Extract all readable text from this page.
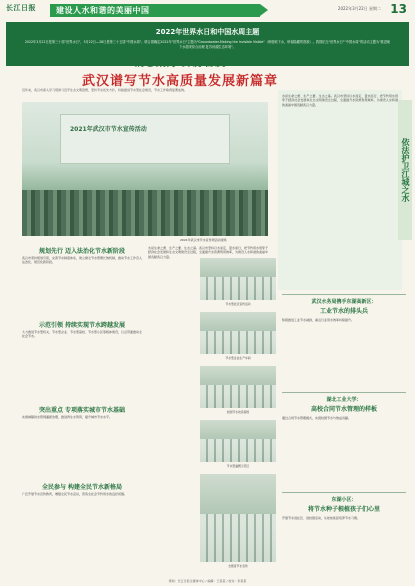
长江日报	建设人水和谐的美丽中国	2022年3月22日 星期二 13
2022年世界水日和中国水周主题
2022年3月22日是第三十届"世界水日"，3月22日—28日是第三十五届"中国水周"。联合国确定2022年"世界水日"主题为"Groundwater-Making the Invisible Visible"（珍惜地下水，珍视隐藏的资源）。我国纪念"世界水日""中国水周"的活动主题为"推进地下水超采综合治理 复苏河湖生态环境"。
凝心聚力 踔厉奋发
武汉谱写节水高质量发展新篇章
近年来，武汉市深入学习贯彻习近平生态文明思想，坚持节水优先方针，持续推进节水型社会建设，节水工作取得显著成效。
2021年武汉市节水宣传活动
2021年武汉市节水宣传周活动现场
水是生命之源、生产之要、生态之基。武汉市坚持以水而定、量水而行，把节约用水贯穿于经济社会发展和生态文明建设全过程，全面提升水资源利用效率，为建设人水和谐的美丽中国贡献武汉力量。
依法护卫江城之水
规划先行 迈入法治化节水新阶段
武汉市坚持规划引领，完善节水制度体系，建立健全节水管理长效机制，推动节水工作迈入法治化、规范化新阶段。
示范引领 持续实现节水跨越发展
大力推进节水型机关、节水型企业、节水型高校、节水型小区等载体建设，以点带面推动全社会节水。
突出重点 专项落实城市节水基础
实施城镇供水管网漏损治理，推进再生水利用，提升城市节水水平。
全民参与 构建全民节水新格局
广泛开展节水宣传教育，增强全民节水意识，营造全社会节约用水的良好氛围。
水是生命之源、生产之要、生态之基。武汉市坚持以水而定、量水而行，把节约用水贯穿于经济社会发展和生态文明建设全过程，全面提升水资源利用效率，为建设人水和谐的美丽中国贡献武汉力量。
节水型社区宣传活动
节水型企业生产车间
校园节水改造现场
节水型灌溉示范区
志愿者节水宣传
武汉水务局携手东湖高新区：
工业节水的排头兵
积极推进工业节水减排，重点行业用水效率持续提升。
湖北工业大学：
高校合同节水管理的样板
通过合同节水管理模式，实现校园节水与效益双赢。
东湖小区：
将节水种子根植孩子们心里
开展节水进社区、进校园活动，从娃娃抓起培养节水习惯。
策划：长江日报全媒体中心 / 编辑：王某某 / 校对：李某某
